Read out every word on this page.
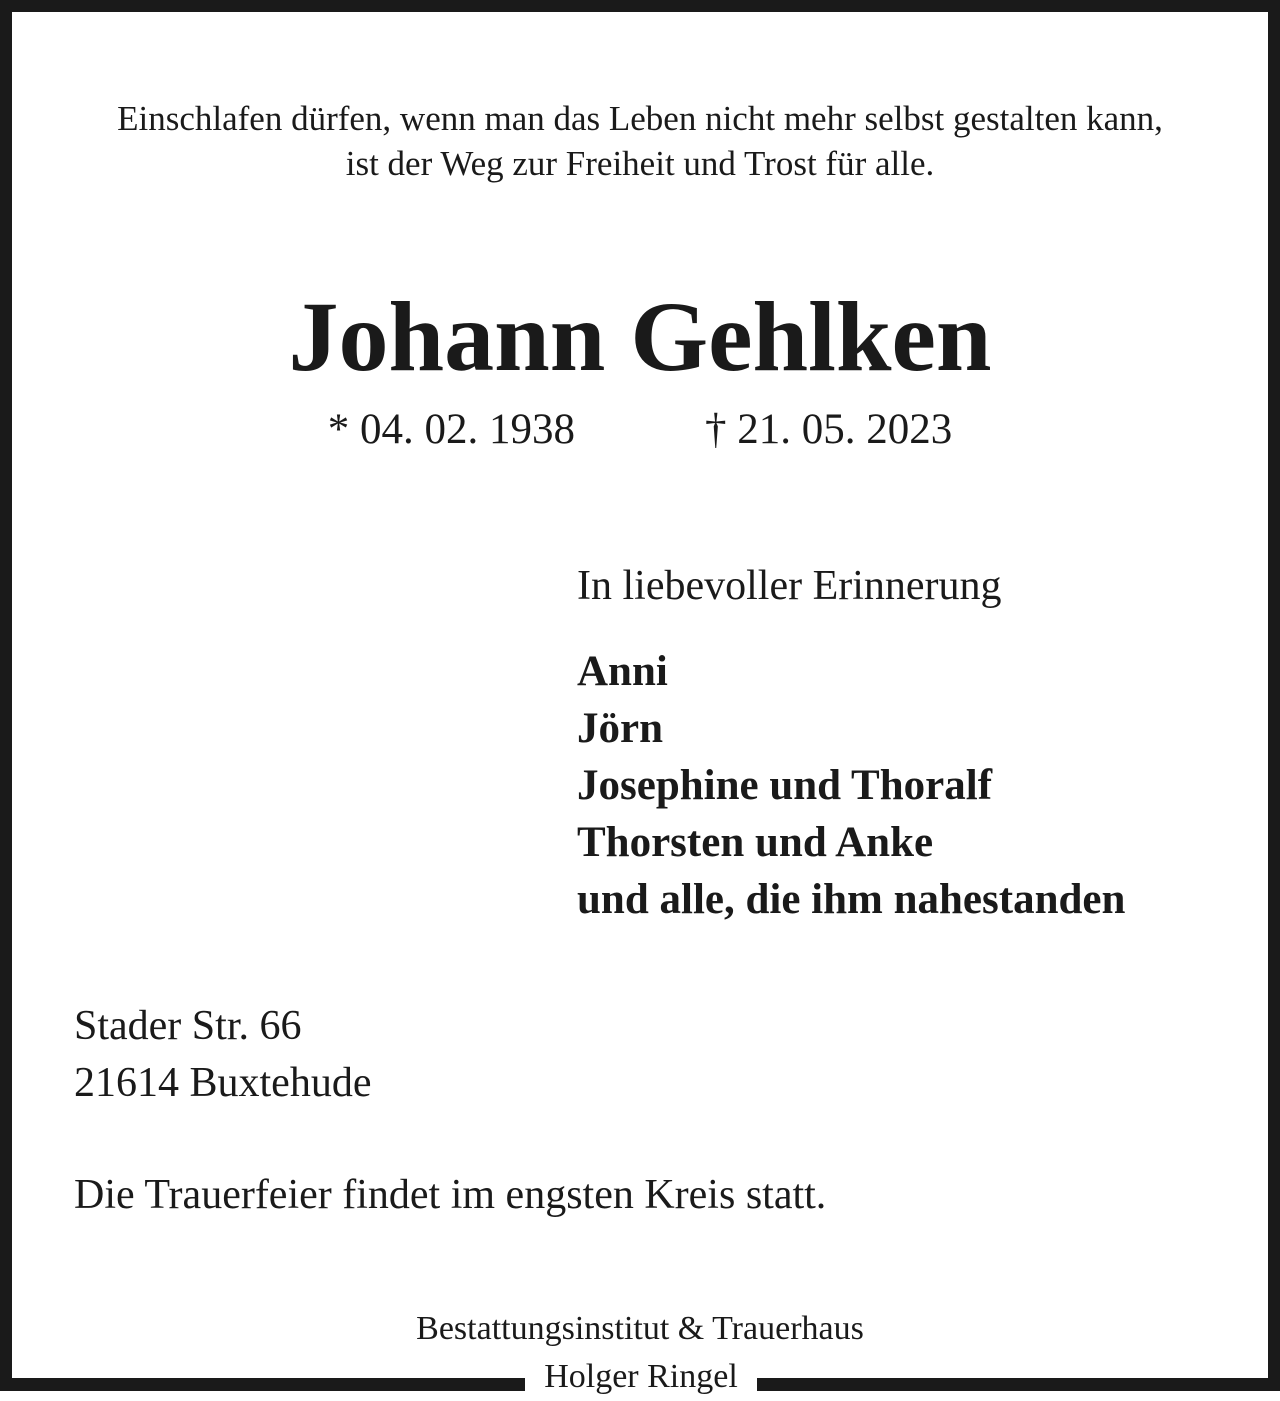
Einschlafen dürfen, wenn man das Leben nicht mehr selbst gestalten kann,
ist der Weg zur Freiheit und Trost für alle.
Johann Gehlken
* 04. 02. 1938	† 21. 05. 2023
In liebevoller Erinnerung
Anni
Jörn
Josephine und Thoralf
Thorsten und Anke
und alle, die ihm nahestanden
Stader Str. 66
21614 Buxtehude
Die Trauerfeier findet im engsten Kreis statt.
Bestattungsinstitut & Trauerhaus
Holger Ringel
